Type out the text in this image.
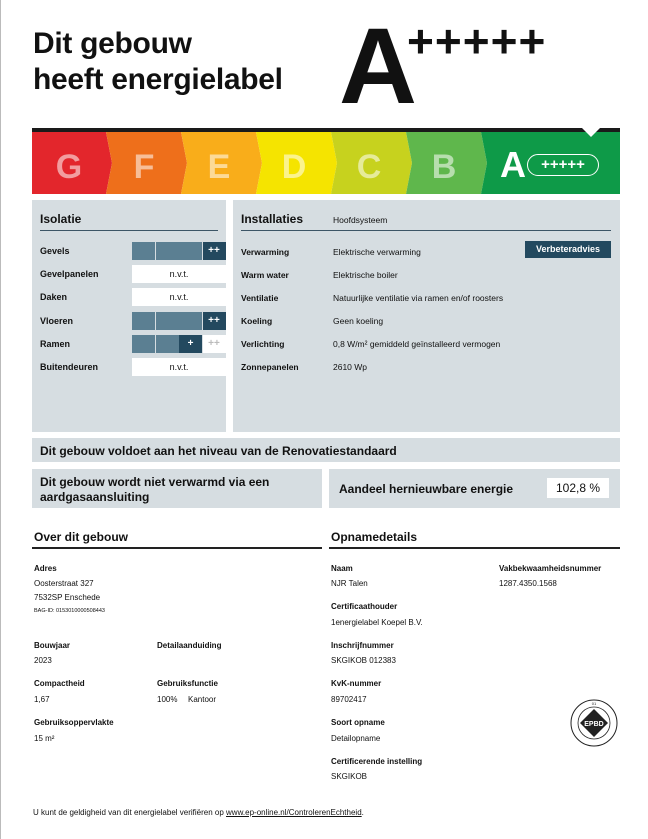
Dit gebouw
heeft energielabel A
+++++
G F E D C B A	+++++
Isolatie
Gevels	++
Gevelpanelen	n.v.t.
Daken	n.v.t.
Vloeren	++
Ramen	+	++
Buitendeuren	n.v.t.
Installaties	Hoofdsysteem
Verbeteradvies
Verwarming	Elektrische verwarming
Warm water	Elektrische boiler
Ventilatie	Natuurlijke ventilatie via ramen en/of roosters
Koeling	Geen koeling
Verlichting	0,8 W/m² gemiddeld geïnstalleerd vermogen
Zonnepanelen	2610 Wp
Dit gebouw voldoet aan het niveau van de Renovatiestandaard
Dit gebouw wordt niet verwarmd via een aardgasaansluiting
Aandeel hernieuwbare energie	102,8 %
Over dit gebouw
Adres
Oosterstraat 327
7532SP Enschede
BAG-ID: 0153010000508443
Bouwjaar
2023
Detailaanduiding
Compactheid
1,67
Gebruiksfunctie
100% Kantoor
Gebruiksoppervlakte
15 m²
Opnamedetails
Naam
NJR Talen
Vakbekwaamheidsnummer
1287.4350.1568
Certificaathouder
1energielabel Koepel B.V.
Inschrijfnummer
SKGIKOB 012383
KvK-nummer
89702417
Soort opname
Detailopname
Certificerende instelling
SKGIKOB
EPBD
01
U kunt de geldigheid van dit energielabel verifiëren op www.ep-online.nl/ControlerenEchtheid.
